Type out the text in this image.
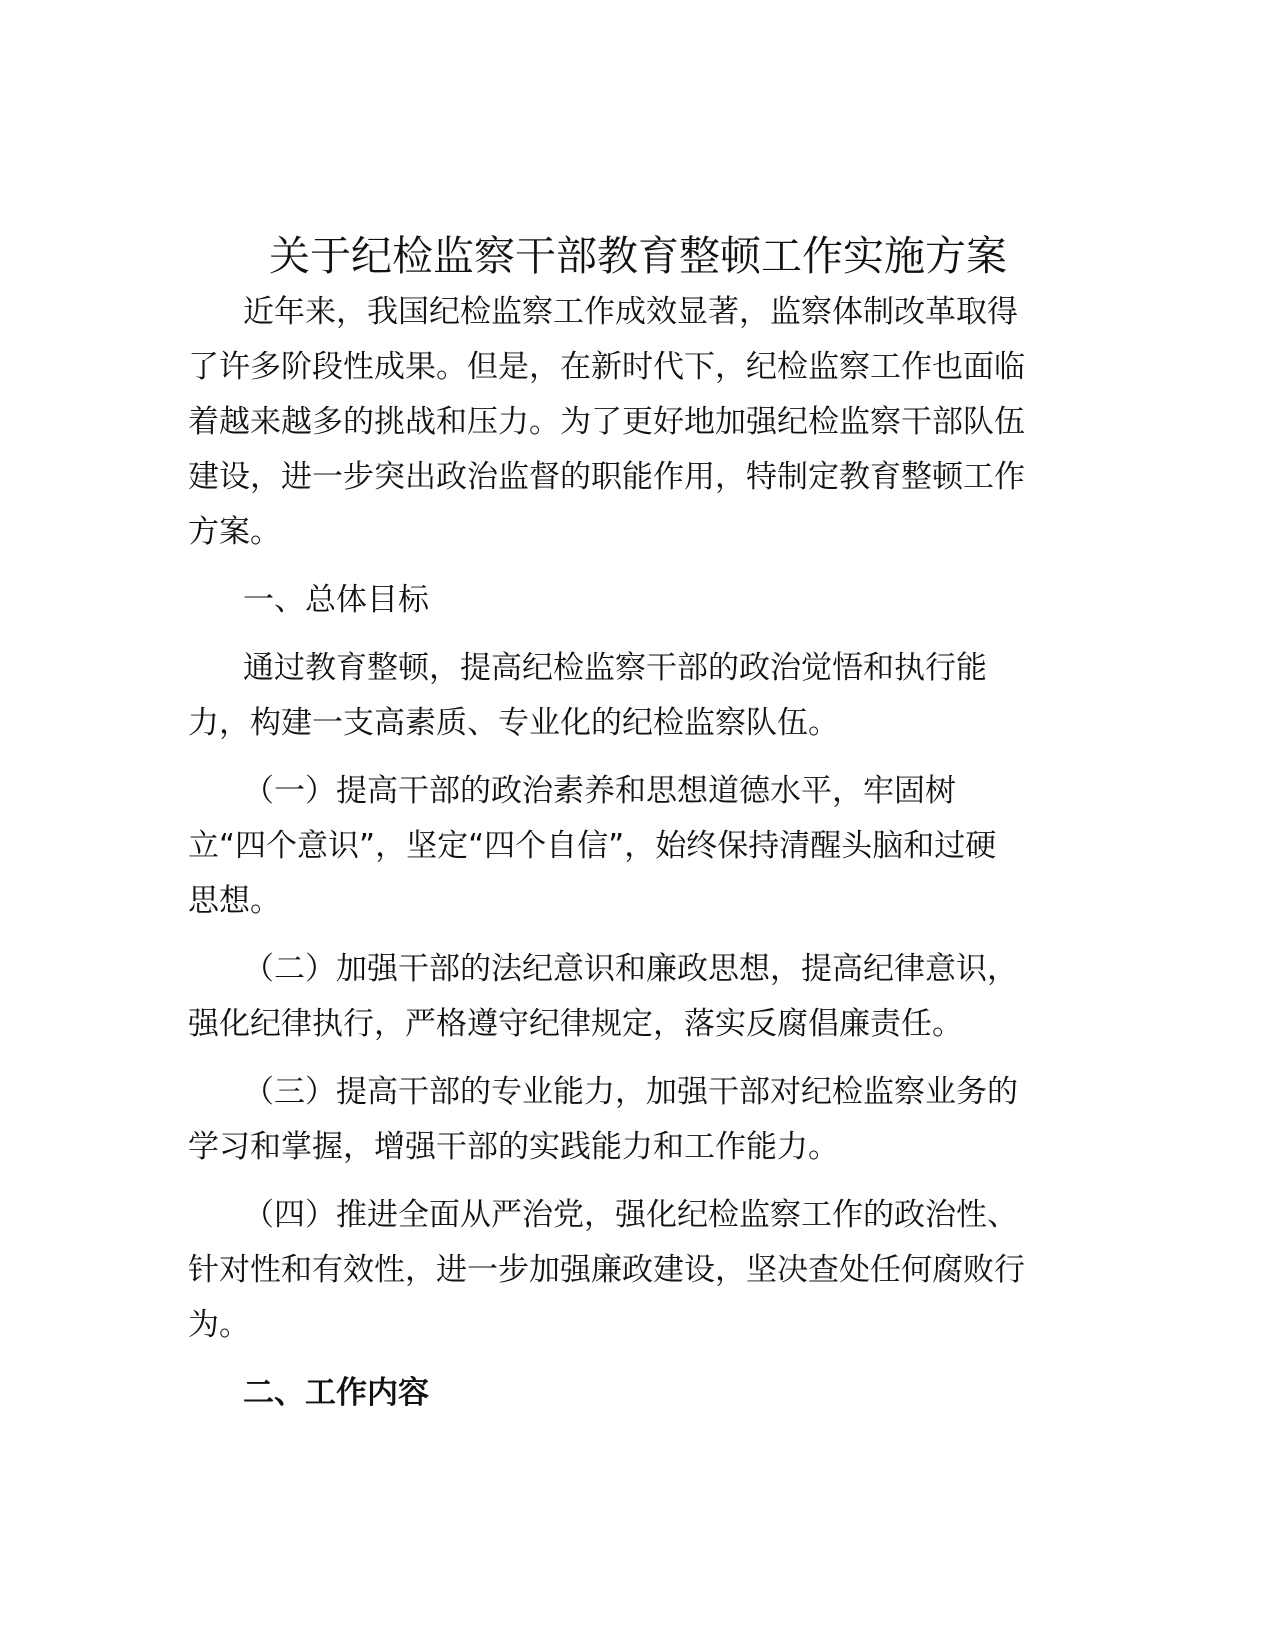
关于纪检监察干部教育整顿工作实施方案

近年来，我国纪检监察工作成效显著，监察体制改革取得

了许多阶段性成果。但是，在新时代下，纪检监察工作也面临

着越来越多的挑战和压力。为了更好地加强纪检监察干部队伍

建设，进一步突出政治监督的职能作用，特制定教育整顿工作

方案。

一、总体目标

通过教育整顿，提高纪检监察干部的政治觉悟和执行能

力，构建一支高素质、专业化的纪检监察队伍。

（一）提高干部的政治素养和思想道德水平，牢固树

立“四个意识”，坚定“四个自信”，始终保持清醒头脑和过硬

思想。

（二）加强干部的法纪意识和廉政思想，提高纪律意识，

强化纪律执行，严格遵守纪律规定，落实反腐倡廉责任。

（三）提高干部的专业能力，加强干部对纪检监察业务的

学习和掌握，增强干部的实践能力和工作能力。

（四）推进全面从严治党，强化纪检监察工作的政治性、

针对性和有效性，进一步加强廉政建设，坚决查处任何腐败行

为。

二、工作内容
